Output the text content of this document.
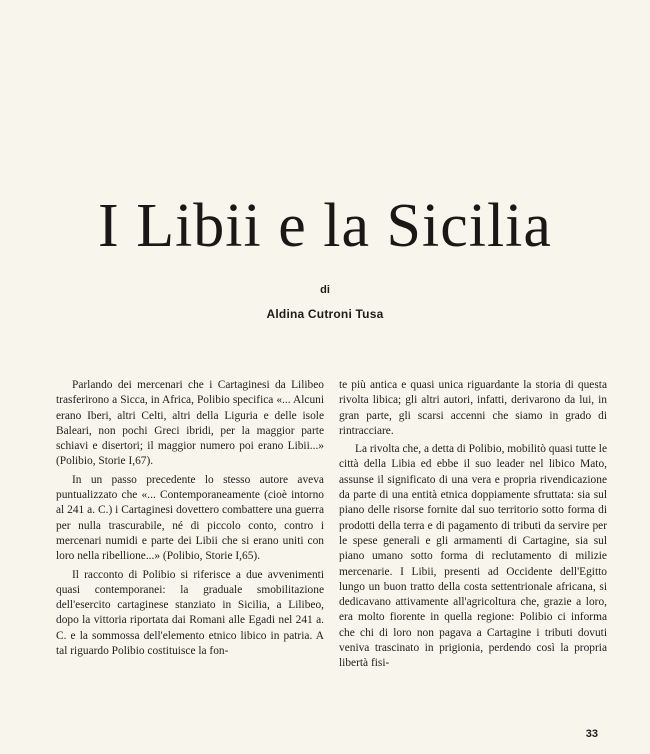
I Libii e la Sicilia
di
Aldina Cutroni Tusa

Parlando dei mercenari che i Cartaginesi da Lilibeo trasferirono a Sicca, in Africa, Polibio specifica «... Alcuni erano Iberi, altri Celti, altri della Liguria e delle isole Baleari, non pochi Greci ibridi, per la maggior parte schiavi e disertori; il maggior numero poi erano Libii...» (Polibio, Storie I,67).

In un passo precedente lo stesso autore aveva puntualizzato che «... Contemporaneamente (cioè intorno al 241 a. C.) i Cartaginesi dovettero combattere una guerra per nulla trascurabile, né di piccolo conto, contro i mercenari numidi e parte dei Libii che si erano uniti con loro nella ribellione...» (Polibio, Storie I,65).

Il racconto di Polibio si riferisce a due avvenimenti quasi contemporanei: la graduale smobilitazione dell'esercito cartaginese stanziato in Sicilia, a Lilibeo, dopo la vittoria riportata dai Romani alle Egadi nel 241 a. C. e la sommossa dell'elemento etnico libico in patria. A tal riguardo Polibio costituisce la fon-

te più antica e quasi unica riguardante la storia di questa rivolta libica; gli altri autori, infatti, derivarono da lui, in gran parte, gli scarsi accenni che siamo in grado di rintracciare.

La rivolta che, a detta di Polibio, mobilitò quasi tutte le città della Libia ed ebbe il suo leader nel libico Mato, assunse il significato di una vera e propria rivendicazione da parte di una entità etnica doppiamente sfruttata: sia sul piano delle risorse fornite dal suo territorio sotto forma di prodotti della terra e di pagamento di tributi da servire per le spese generali e gli armamenti di Cartagine, sia sul piano umano sotto forma di reclutamento di milizie mercenarie. I Libii, presenti ad Occidente dell'Egitto lungo un buon tratto della costa settentrionale africana, si dedicavano attivamente all'agricoltura che, grazie a loro, era molto fiorente in quella regione: Polibio ci informa che chi di loro non pagava a Cartagine i tributi dovuti veniva trascinato in prigionia, perdendo così la propria libertà fisi-

33
